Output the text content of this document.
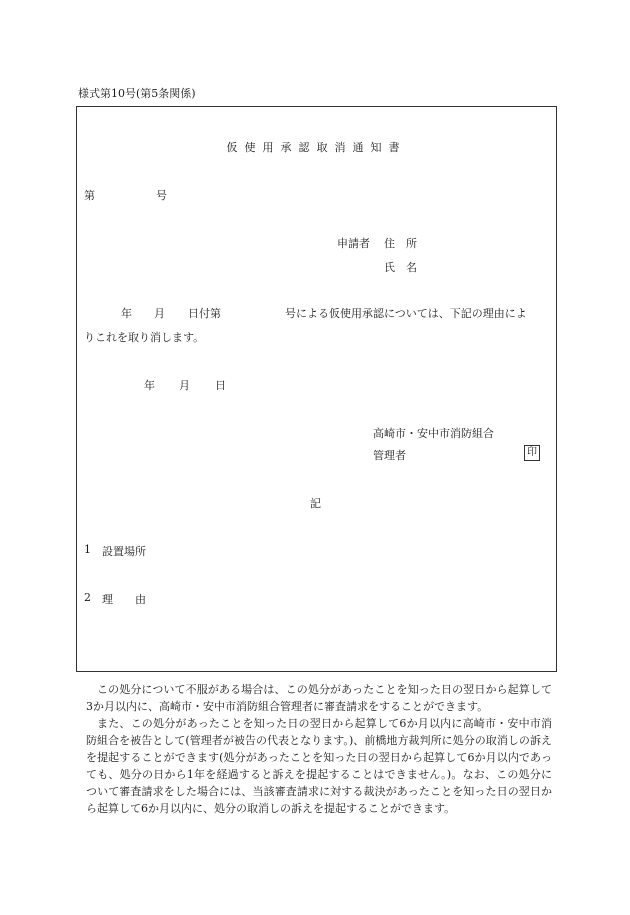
様式第10号(第5条関係)
仮使用承認取消通知書
第	号
申請者 住　所
氏　名
年 月 日付第	号による仮使用承認については、下記の理由によ
りこれを取り消します。
年 月 日
高崎市・安中市消防組合
管理者	印
記
1 設置場所
2 理　　由

この処分について不服がある場合は、この処分があったことを知った日の翌日から起算して3か月以内に、高崎市・安中市消防組合管理者に審査請求をすることができます。

また、この処分があったことを知った日の翌日から起算して6か月以内に高崎市・安中市消防組合を被告として(管理者が被告の代表となります。)、前橋地方裁判所に処分の取消しの訴えを提起することができます(処分があったことを知った日の翌日から起算して6か月以内であっても、処分の日から1年を経過すると訴えを提起することはできません。)。なお、この処分について審査請求をした場合には、当該審査請求に対する裁決があったことを知った日の翌日から起算して6か月以内に、処分の取消しの訴えを提起することができます。
